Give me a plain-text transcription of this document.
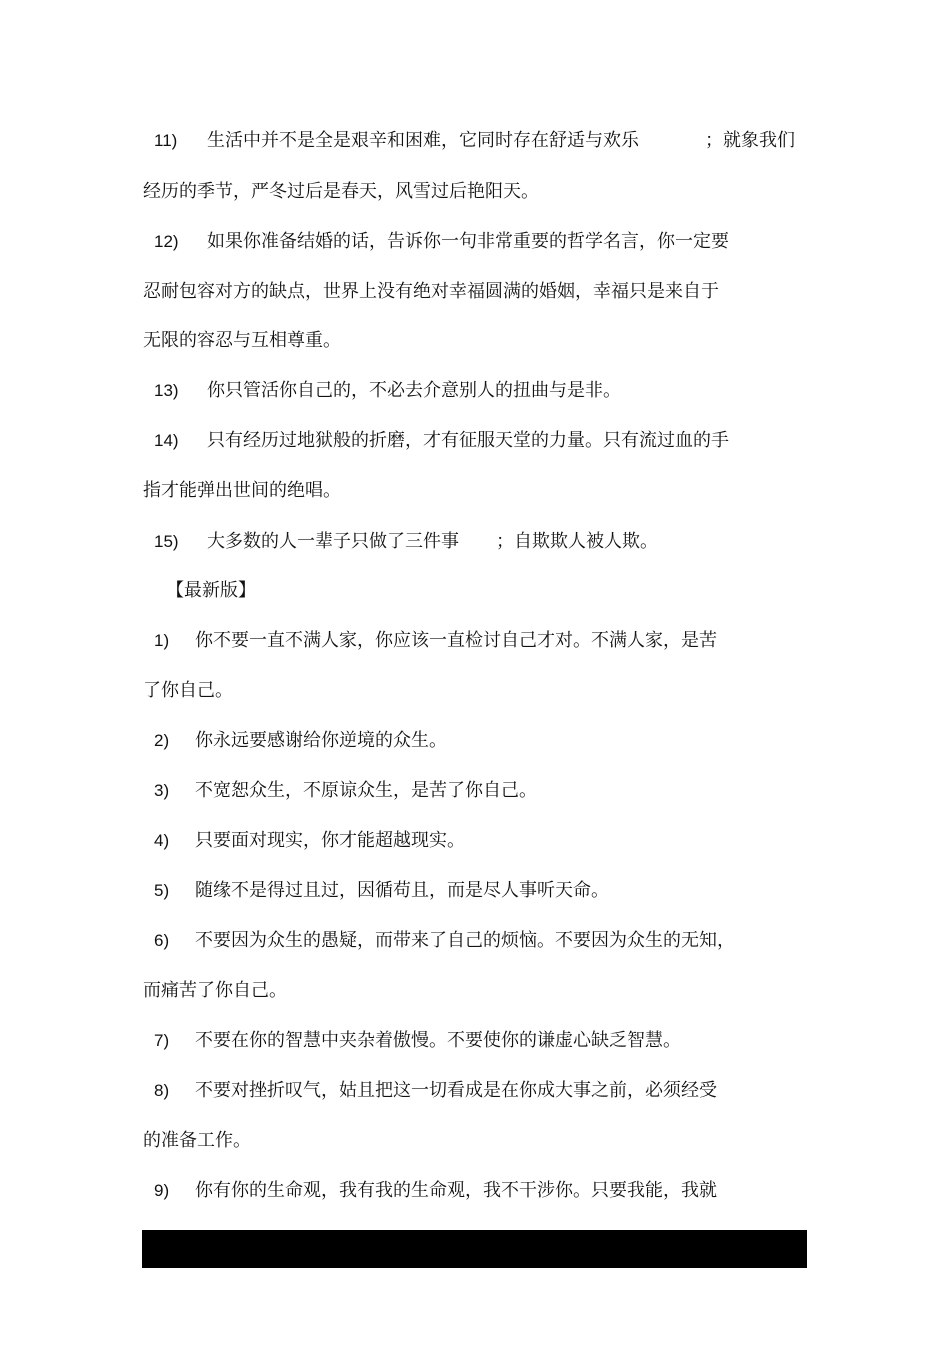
11) 生活中并不是全是艰辛和困难，它同时存在舒适与欢乐	；就象我们
经历的季节，严冬过后是春天，风雪过后艳阳天。
12) 如果你准备结婚的话，告诉你一句非常重要的哲学名言，你一定要
忍耐包容对方的缺点，世界上没有绝对幸福圆满的婚姻，幸福只是来自于
无限的容忍与互相尊重。
13) 你只管活你自己的，不必去介意别人的扭曲与是非。
14) 只有经历过地狱般的折磨，才有征服天堂的力量。只有流过血的手
指才能弹出世间的绝唱。
15) 大多数的人一辈子只做了三件事 ；自欺欺人被人欺。
【最新版】
1) 你不要一直不满人家，你应该一直检讨自己才对。不满人家，是苦
了你自己。
2) 你永远要感谢给你逆境的众生。
3) 不宽恕众生，不原谅众生，是苦了你自己。
4) 只要面对现实，你才能超越现实。
5) 随缘不是得过且过，因循苟且，而是尽人事听天命。
6) 不要因为众生的愚疑，而带来了自己的烦恼。不要因为众生的无知，
而痛苦了你自己。
7) 不要在你的智慧中夹杂着傲慢。不要使你的谦虚心缺乏智慧。
8) 不要对挫折叹气，姑且把这一切看成是在你成大事之前，必须经受
的准备工作。
9) 你有你的生命观，我有我的生命观，我不干涉你。只要我能，我就
